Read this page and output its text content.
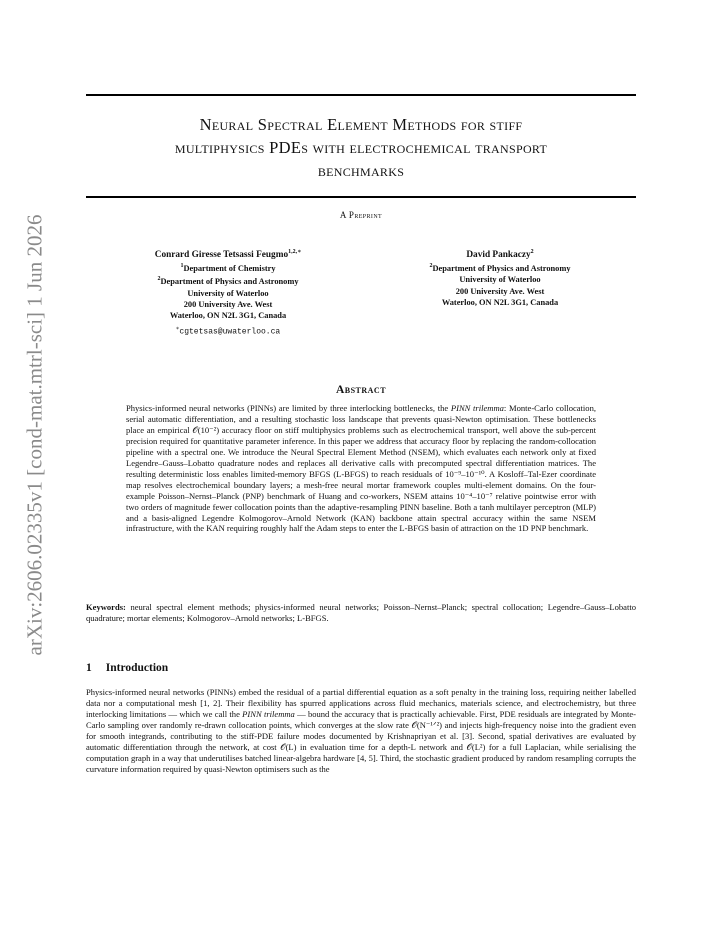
arXiv:2606.02335v1 [cond-mat.mtrl-sci] 1 Jun 2026
Neural Spectral Element Methods for stiff
multiphysics PDEs with electrochemical transport
benchmarks
A Preprint
Conrard Giresse Tetsassi Feugmo$^{1,2,∗}$
$^1$Department of Chemistry
$^2$Department of Physics and Astronomy
University of Waterloo
200 University Ave. West
Waterloo, ON N2L 3G1, Canada
∗cgtetsas@uwaterloo.ca
David Pankaczy$^2$
$^2$Department of Physics and Astronomy
University of Waterloo
200 University Ave. West
Waterloo, ON N2L 3G1, Canada
Abstract

Physics-informed neural networks (PINNs) are limited by three interlocking bottlenecks, the PINN trilemma: Monte-Carlo collocation, serial automatic differentiation, and a resulting stochastic loss landscape that prevents quasi-Newton optimisation. These bottlenecks place an empirical 𝒪(10⁻²) accuracy floor on stiff multiphysics problems such as electrochemical transport, well above the sub-percent precision required for quantitative parameter inference. In this paper we address that accuracy floor by replacing the random-collocation pipeline with a spectral one. We introduce the Neural Spectral Element Method (NSEM), which evaluates each network only at fixed Legendre–Gauss–Lobatto quadrature nodes and replaces all derivative calls with precomputed spectral differentiation matrices. The resulting deterministic loss enables limited-memory BFGS (L-BFGS) to reach residuals of 10⁻⁹–10⁻¹⁰. A Kosloff–Tal-Ezer coordinate map resolves electrochemical boundary layers; a mesh-free neural mortar framework couples multi-element domains. On the four-example Poisson–Nernst–Planck (PNP) benchmark of Huang and co-workers, NSEM attains 10⁻⁴–10⁻⁷ relative pointwise error with two orders of magnitude fewer collocation points than the adaptive-resampling PINN baseline. Both a tanh multilayer perceptron (MLP) and a basis-aligned Legendre Kolmogorov–Arnold Network (KAN) backbone attain spectral accuracy within the same NSEM infrastructure, with the KAN requiring roughly half the Adam steps to enter the L-BFGS basin of attraction on the 1D PNP benchmark.

Keywords: neural spectral element methods; physics-informed neural networks; Poisson–Nernst–Planck; spectral collocation; Legendre–Gauss–Lobatto quadrature; mortar elements; Kolmogorov–Arnold networks; L-BFGS.

1 Introduction

Physics-informed neural networks (PINNs) embed the residual of a partial differential equation as a soft penalty in the training loss, requiring neither labelled data nor a computational mesh [1, 2]. Their flexibility has spurred applications across fluid mechanics, materials science, and electrochemistry, but three interlocking limitations — which we call the PINN trilemma — bound the accuracy that is practically achievable. First, PDE residuals are integrated by Monte-Carlo sampling over randomly re-drawn collocation points, which converges at the slow rate 𝒪(N⁻¹ᐟ²) and injects high-frequency noise into the gradient even for smooth integrands, contributing to the stiff-PDE failure modes documented by Krishnapriyan et al. [3]. Second, spatial derivatives are evaluated by automatic differentiation through the network, at cost 𝒪(L) in evaluation time for a depth-L network and 𝒪(L²) for a full Laplacian, while serialising the computation graph in a way that underutilises batched linear-algebra hardware [4, 5]. Third, the stochastic gradient produced by random resampling corrupts the curvature information required by quasi-Newton optimisers such as the
